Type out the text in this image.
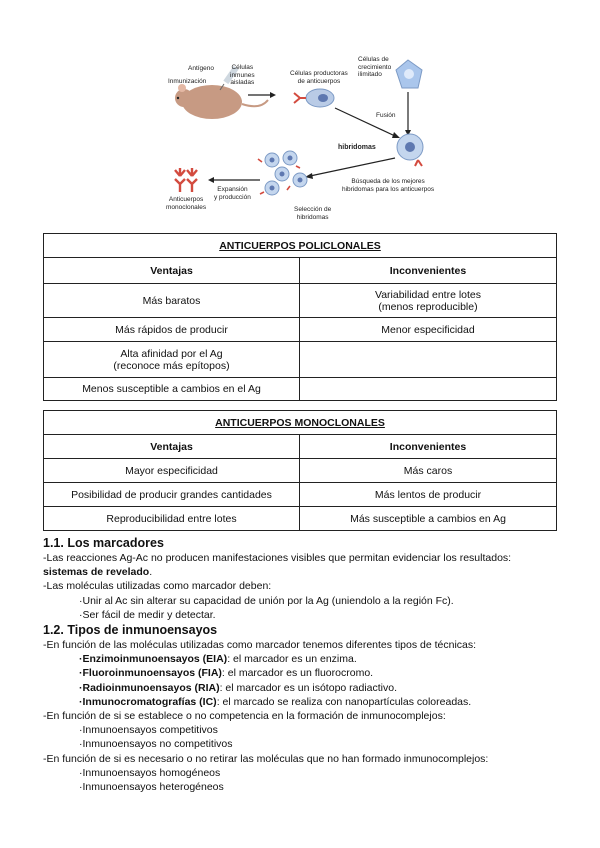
Antígeno
Inmunización
Células
inmunes
aisladas
Células productoras
de anticuerpos
Células de
crecimiento
ilimitado
Fusión
hibridomas
Búsqueda de los mejores
hibridomas para los anticuerpos
Selección de
hibridomas
Expansión
y producción
Anticuerpos
monoclonales
ANTICUERPOS POLICLONALES	
Ventajas	Inconvenientes
Más baratos	Variabilidad entre lotes
(menos reproducible)
Más rápidos de producir	Menor especificidad
Alta afinidad por el Ag
(reconoce más epítopos)	
Menos susceptible a cambios en el Ag	
ANTICUERPOS MONOCLONALES	
Ventajas	Inconvenientes
Mayor especificidad	Más caros
Posibilidad de producir grandes cantidades	Más lentos de producir
Reproducibilidad entre lotes	Más susceptible a cambios en Ag
1.1. Los marcadores

-Las reacciones Ag-Ac no producen manifestaciones visibles que permitan evidenciar los resultados:

sistemas de revelado.

-Las moléculas utilizadas como marcador deben:

·Unir al Ac sin alterar su capacidad de unión por la Ag (uniendolo a la región Fc).

·Ser fácil de medir y detectar.

1.2. Tipos de inmunoensayos

-En función de las moléculas utilizadas como marcador tenemos diferentes tipos de técnicas:

·Enzimoinmunoensayos (EIA): el marcador es un enzima.

·Fluoroinmunoensayos (FIA): el marcador es un fluorocromo.

·Radioinmunoensayos (RIA): el marcador es un isótopo radiactivo.

·Inmunocromatografías (IC): el marcado se realiza con nanopartículas coloreadas.

-En función de si se establece o no competencia en la formación de inmunocomplejos:

·Inmunoensayos competitivos

·Inmunoensayos no competitivos

-En función de si es necesario o no retirar las moléculas que no han formado inmunocomplejos:

·Inmunoensayos homogéneos

·Inmunoensayos heterogéneos
